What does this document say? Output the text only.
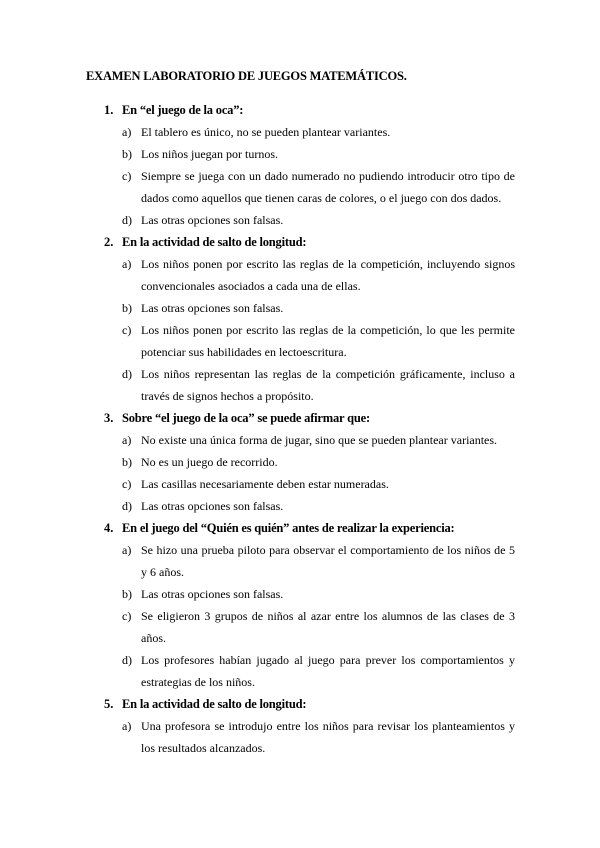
EXAMEN LABORATORIO DE JUEGOS MATEMÁTICOS.
1. En “el juego de la oca”:
a) El tablero es único, no se pueden plantear variantes.
b) Los niños juegan por turnos.
c) Siempre se juega con un dado numerado no pudiendo introducir otro tipo de dados como aquellos que tienen caras de colores, o el juego con dos dados.
d) Las otras opciones son falsas.
2. En la actividad de salto de longitud:
a) Los niños ponen por escrito las reglas de la competición, incluyendo signos convencionales asociados a cada una de ellas.
b) Las otras opciones son falsas.
c) Los niños ponen por escrito las reglas de la competición, lo que les permite potenciar sus habilidades en lectoescritura.
d) Los niños representan las reglas de la competición gráficamente, incluso a través de signos hechos a propósito.
3. Sobre “el juego de la oca” se puede afirmar que:
a) No existe una única forma de jugar, sino que se pueden plantear variantes.
b) No es un juego de recorrido.
c) Las casillas necesariamente deben estar numeradas.
d) Las otras opciones son falsas.
4. En el juego del “Quién es quién” antes de realizar la experiencia:
a) Se hizo una prueba piloto para observar el comportamiento de los niños de 5 y 6 años.
b) Las otras opciones son falsas.
c) Se eligieron 3 grupos de niños al azar entre los alumnos de las clases de 3 años.
d) Los profesores habían jugado al juego para prever los comportamientos y estrategias de los niños.
5. En la actividad de salto de longitud:
a) Una profesora se introdujo entre los niños para revisar los planteamientos y los resultados alcanzados.
